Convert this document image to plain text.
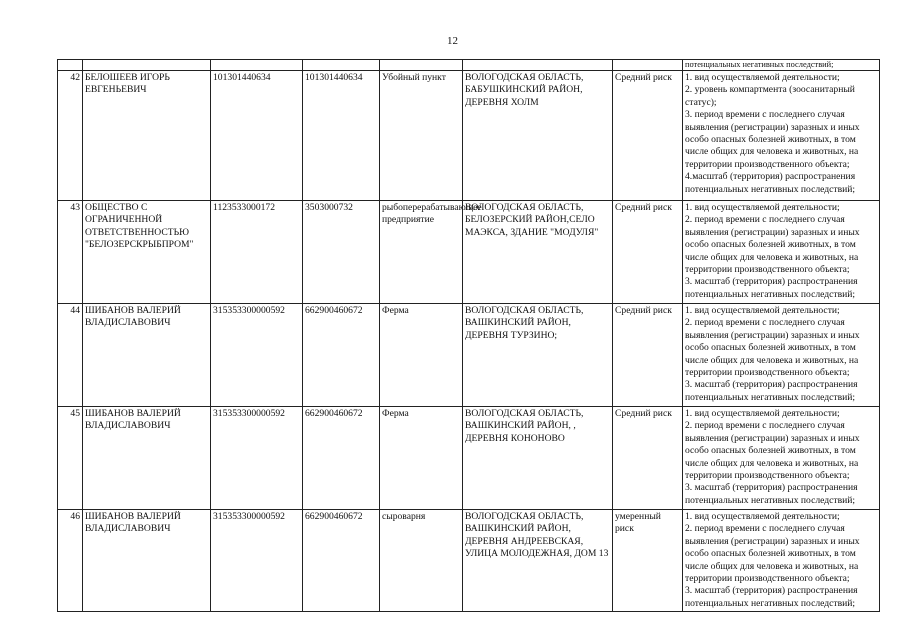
12
							потенциальных негативных последствий;
42	БЕЛОШЕЕВ ИГОРЬ ЕВГЕНЬЕВИЧ	101301440634	101301440634	Убойный пункт	ВОЛОГОДСКАЯ ОБЛАСТЬ, БАБУШКИНСКИЙ РАЙОН, ДЕРЕВНЯ ХОЛМ	Средний риск	1. вид осуществляемой деятельности;
2. уровень компартмента (зоосанитарный статус);
3. период времени с последнего случая выявления (регистрации) заразных и иных особо опасных болезней животных, в том числе общих для человека и животных, на территории производственного объекта;
4.масштаб (территория) распространения потенциальных негативных последствий;

43	ОБЩЕСТВО С ОГРАНИЧЕННОЙ ОТВЕТСТВЕННОСТЬЮ "БЕЛОЗЕРСКРЫБПРОМ"	1123533000172	3503000732	рыбоперерабатывающее предприятие	ВОЛОГОДСКАЯ ОБЛАСТЬ, БЕЛОЗЕРСКИЙ РАЙОН,СЕЛО МАЭКСА, ЗДАНИЕ "МОДУЛЯ"	Средний риск	1. вид осуществляемой деятельности;
2. период времени с последнего случая выявления (регистрации) заразных и иных особо опасных болезней животных, в том числе общих для человека и животных, на территории производственного объекта;
3. масштаб (территория) распространения потенциальных негативных последствий;

44	ШИБАНОВ ВАЛЕРИЙ ВЛАДИСЛАВОВИЧ	315353300000592	662900460672	Ферма	ВОЛОГОДСКАЯ ОБЛАСТЬ, ВАШКИНСКИЙ РАЙОН, ДЕРЕВНЯ ТУРЗИНО;	Средний риск	1. вид осуществляемой деятельности;
2. период времени с последнего случая выявления (регистрации) заразных и иных особо опасных болезней животных, в том числе общих для человека и животных, на территории производственного объекта;
3. масштаб (территория) распространения потенциальных негативных последствий;

45	ШИБАНОВ ВАЛЕРИЙ ВЛАДИСЛАВОВИЧ	315353300000592	662900460672	Ферма	ВОЛОГОДСКАЯ ОБЛАСТЬ, ВАШКИНСКИЙ РАЙОН, , ДЕРЕВНЯ КОНОНОВО	Средний риск	1. вид осуществляемой деятельности;
2. период времени с последнего случая выявления (регистрации) заразных и иных особо опасных болезней животных, в том числе общих для человека и животных, на территории производственного объекта;
3. масштаб (территория) распространения потенциальных негативных последствий;

46	ШИБАНОВ ВАЛЕРИЙ ВЛАДИСЛАВОВИЧ	315353300000592	662900460672	сыроварня	ВОЛОГОДСКАЯ ОБЛАСТЬ, ВАШКИНСКИЙ РАЙОН, ДЕРЕВНЯ АНДРЕЕВСКАЯ, УЛИЦА МОЛОДЕЖНАЯ, ДОМ 13	умеренный риск	1. вид осуществляемой деятельности;
2. период времени с последнего случая выявления (регистрации) заразных и иных особо опасных болезней животных, в том числе общих для человека и животных, на территории производственного объекта;
3. масштаб (территория) распространения потенциальных негативных последствий;
